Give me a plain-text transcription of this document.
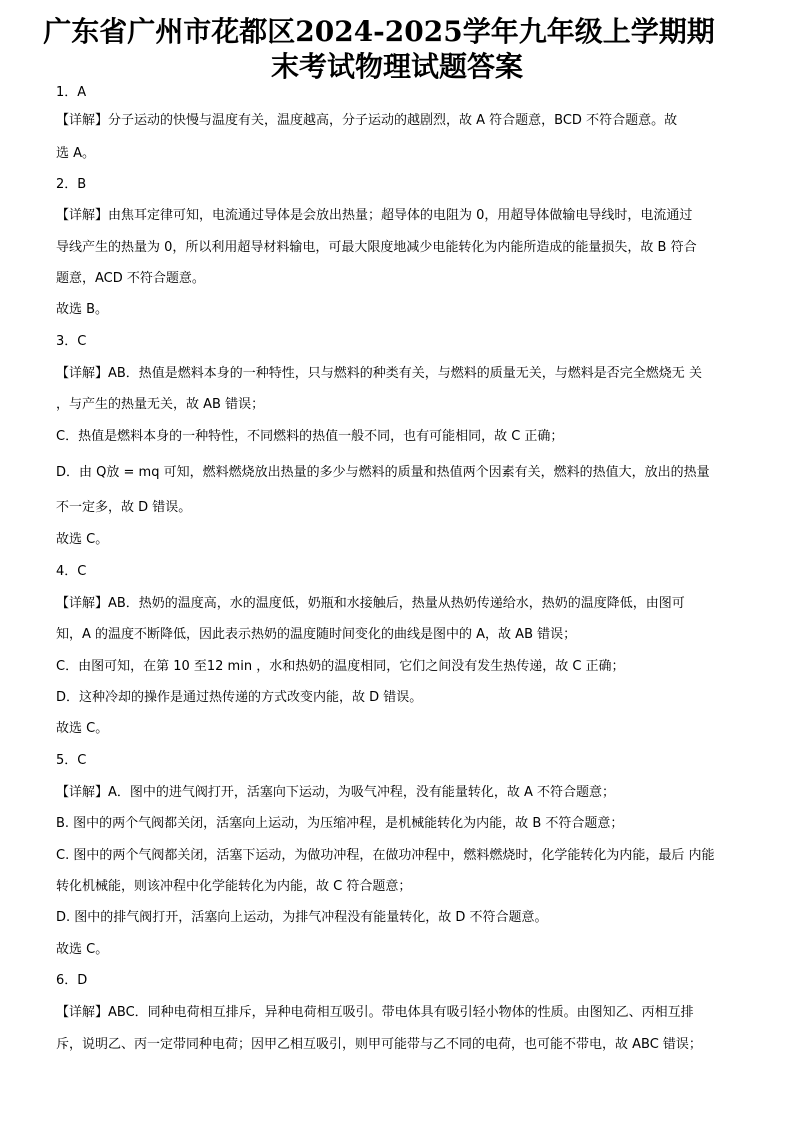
广东省广州市花都区2024-2025学年九年级上学期期
末考试物理试题答案
1．A
【详解】分子运动的快慢与温度有关，温度越高，分子运动的越剧烈，故 A 符合题意，BCD 不符合题意。故
选 A。
2．B
【详解】由焦耳定律可知，电流通过导体是会放出热量；超导体的电阻为 0，用超导体做输电导线时，电流通过
导线产生的热量为 0，所以利用超导材料输电，可最大限度地减少电能转化为内能所造成的能量损失，故 B 符合
题意，ACD 不符合题意。
故选 B。
3．C
【详解】AB．热值是燃料本身的一种特性，只与燃料的种类有关，与燃料的质量无关，与燃料是否完全燃烧无 关
，与产生的热量无关，故 AB 错误；
C．热值是燃料本身的一种特性，不同燃料的热值一般不同，也有可能相同，故 C 正确；
D．由 Q放 = mq 可知，燃料燃烧放出热量的多少与燃料的质量和热值两个因素有关，燃料的热值大，放出的热量
不一定多，故 D 错误。
故选 C。
4．C
【详解】AB．热奶的温度高，水的温度低，奶瓶和水接触后，热量从热奶传递给水，热奶的温度降低，由图可
知，A 的温度不断降低，因此表示热奶的温度随时间变化的曲线是图中的 A，故 AB 错误；
C．由图可知，在第 10 至12 min ，水和热奶的温度相同，它们之间没有发生热传递，故 C 正确；
D．这种冷却的操作是通过热传递的方式改变内能，故 D 错误。
故选 C。
5．C
【详解】A．图中的进气阀打开，活塞向下运动，为吸气冲程，没有能量转化，故 A 不符合题意；
B. 图中的两个气阀都关闭，活塞向上运动，为压缩冲程，是机械能转化为内能，故 B 不符合题意；
C. 图中的两个气阀都关闭，活塞下运动，为做功冲程，在做功冲程中，燃料燃烧时，化学能转化为内能，最后 内能
转化机械能，则该冲程中化学能转化为内能，故 C 符合题意；
D. 图中的排气阀打开，活塞向上运动，为排气冲程没有能量转化，故 D 不符合题意。
故选 C。
6．D
【详解】ABC．同种电荷相互排斥，异种电荷相互吸引。带电体具有吸引轻小物体的性质。由图知乙、丙相互排
斥，说明乙、丙一定带同种电荷；因甲乙相互吸引，则甲可能带与乙不同的电荷，也可能不带电，故 ABC 错误；
